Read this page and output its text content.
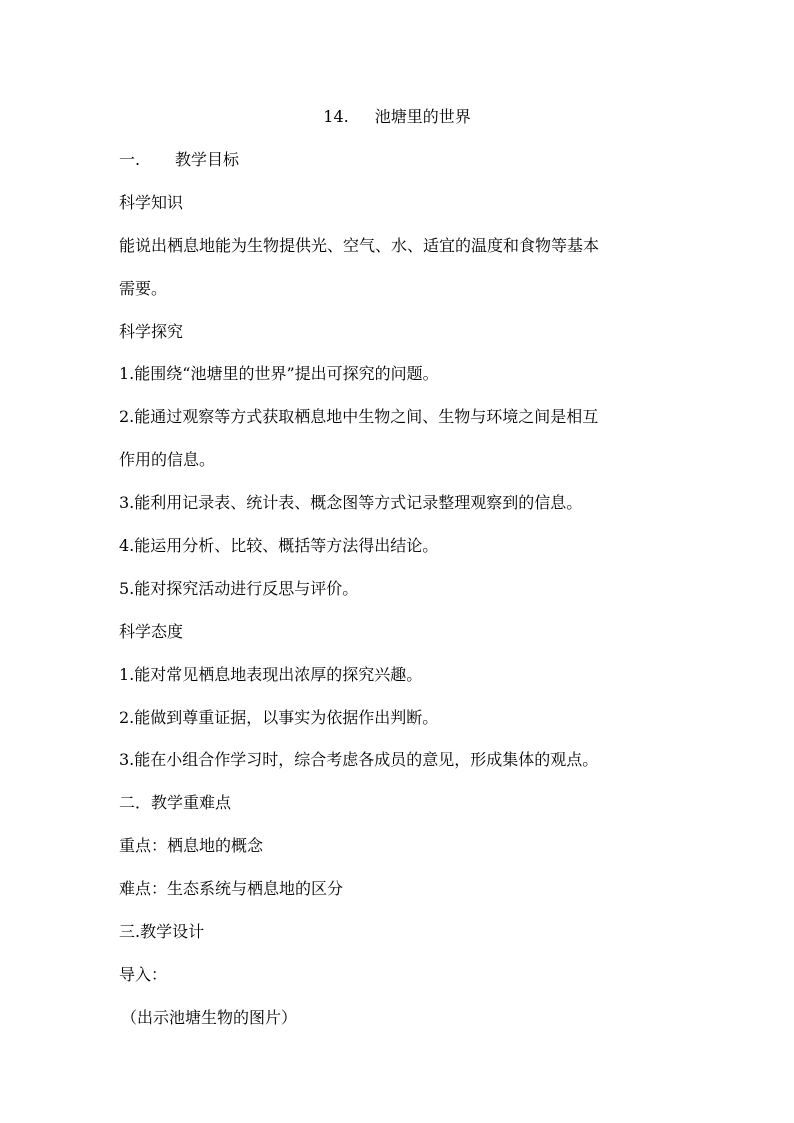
14. 池塘里的世界
一. 教学目标
科学知识
能说出栖息地能为生物提供光、空气、水、适宜的温度和食物等基本
需要。
科学探究
1.能围绕“池塘里的世界”提出可探究的问题。
2.能通过观察等方式获取栖息地中生物之间、生物与环境之间是相互
作用的信息。
3.能利用记录表、统计表、概念图等方式记录整理观察到的信息。
4.能运用分析、比较、概括等方法得出结论。
5.能对探究活动进行反思与评价。
科学态度
1.能对常见栖息地表现出浓厚的探究兴趣。
2.能做到尊重证据，以事实为依据作出判断。
3.能在小组合作学习时，综合考虑各成员的意见，形成集体的观点。
二．教学重难点
重点：栖息地的概念
难点：生态系统与栖息地的区分
三.教学设计
导入：
（出示池塘生物的图片）
